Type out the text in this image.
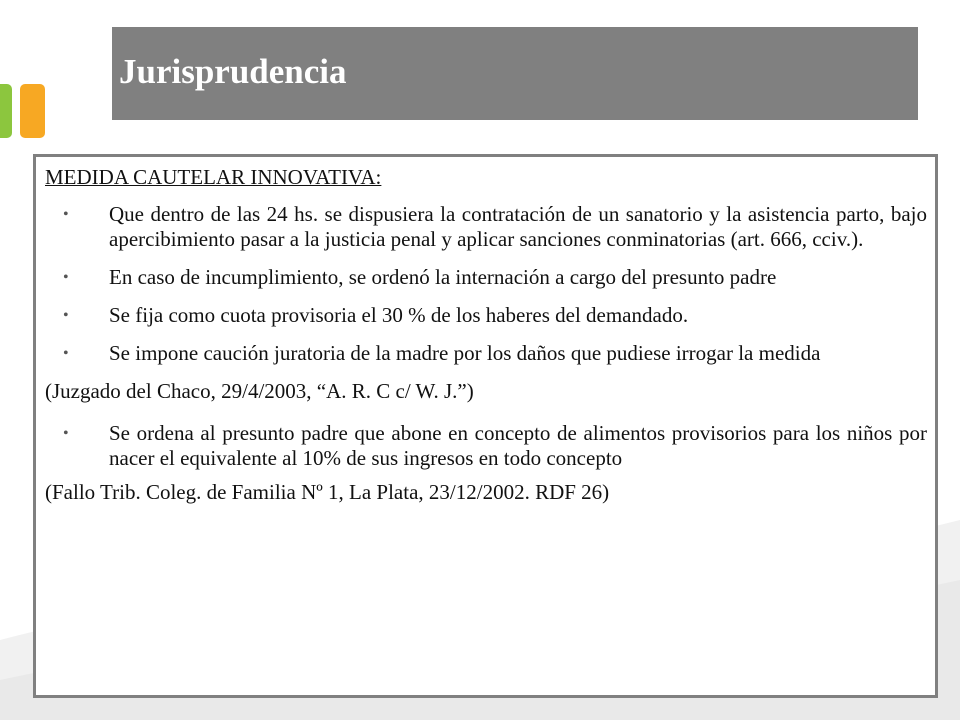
Jurisprudencia
MEDIDA CAUTELAR INNOVATIVA:
• Que dentro de las 24 hs. se dispusiera la contratación de un sanatorio y la asistencia parto, bajo apercibimiento pasar a la justicia penal y aplicar sanciones conminatorias (art. 666, cciv.).
• En caso de incumplimiento, se ordenó la internación a cargo del presunto padre
• Se fija como cuota provisoria el 30 % de los haberes del demandado.
• Se impone caución juratoria de la madre por los daños que pudiese irrogar la medida
(Juzgado del Chaco, 29/4/2003, “A. R. C c/ W. J.”)
• Se ordena al presunto padre que abone en concepto de alimentos provisorios para los niños por nacer el equivalente al 10% de sus ingresos en todo concepto
(Fallo Trib. Coleg. de Familia Nº 1, La Plata, 23/12/2002. RDF 26)
